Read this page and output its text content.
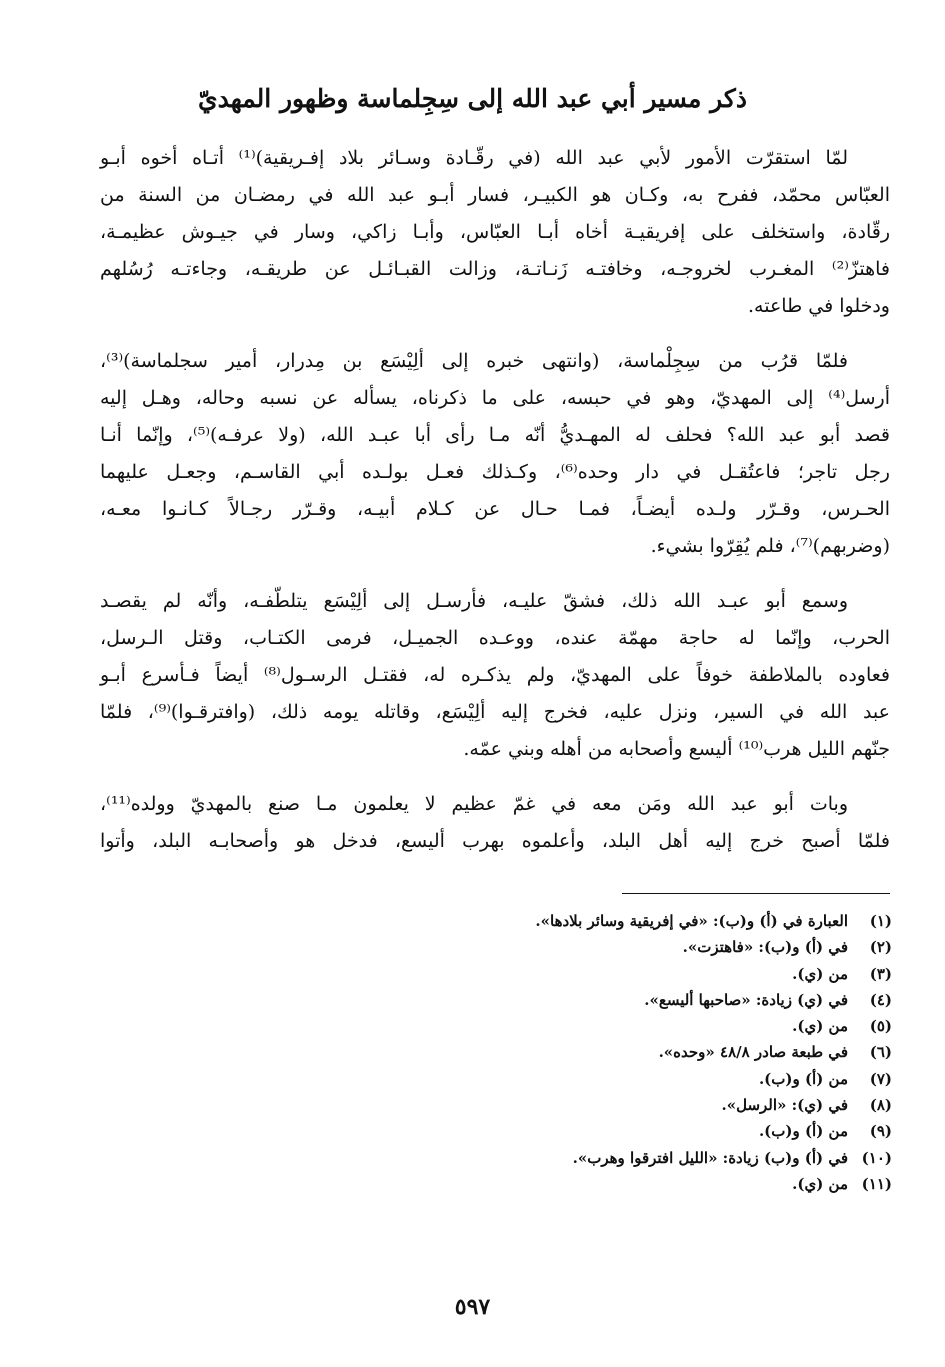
ذكر مسير أبي عبد الله إلى سِجِلماسة وظهور المهديّ
لمّا استقرّت الأمور لأبي عبد الله (في رقّـادة وسـائر بلاد إفـريقية)⁽¹⁾ أتـاه أخوه أبـو
العبّاس محمّد، ففرح به، وكـان هو الكبيـر، فسار أبـو عبد الله في رمضـان من السنة من
رقّادة، واستخلف على إفريقيـة أخاه أبـا العبّاس، وأبـا زاكي، وسار في جيـوش عظيمـة،
فاهتزّ⁽²⁾ المغـرب لخروجـه، وخافتـه زَنـاتـة، وزالت القبـائـل عن طريقـه، وجاءتـه رُسُلهم
ودخلوا في طاعته.
فلمّا قرُب من سِجِلْماسة، (وانتهى خبره إلى ألِيْسَع بن مِدرار، أمير سجلماسة)⁽³⁾،
أرسل⁽⁴⁾ إلى المهديّ، وهو في حبسه، على ما ذكرناه، يسأله عن نسبه وحاله، وهـل إليه
قصد أبو عبد الله؟ فحلف له المهـديُّ أنّه مـا رأى أبا عبـد الله، (ولا عرفـه)⁽⁵⁾، وإنّما أنـا
رجل تاجر؛ فاعتُقـل في دار وحده⁽⁶⁾، وكـذلك فعـل بولـده أبي القاسـم، وجعـل عليهما
الحـرس، وقـرّر ولـده أيضـاً، فمـا حـال عن كـلام أبيـه، وقـرّر رجـالاً كـانـوا معـه،
(وضربهم)⁽⁷⁾، فلم يُقِرّوا بشيء.
وسمع أبو عبـد الله ذلك، فشقّ عليـه، فأرسـل إلى ألِيْسَع يتلطّفـه، وأنّه لم يقصـد
الحرب، وإنّما له حاجة مهمّة عنده، ووعـده الجميـل، فرمى الكتـاب، وقتل الـرسل،
فعاوده بالملاطفة خوفاً على المهديّ، ولم يذكـره له، فقتـل الرسـول⁽⁸⁾ أيضاً فـأسرع أبـو
عبد الله في السير، ونزل عليه، فخرج إليه ألِيْسَع، وقاتله يومه ذلك، (وافترقـوا)⁽⁹⁾، فلمّا
جنّهم الليل هرب⁽¹⁰⁾ أليسع وأصحابه من أهله وبني عمّه.
وبات أبو عبد الله ومَن معه في غمّ عظيم لا يعلمون مـا صنع بالمهديّ وولده⁽¹¹⁾،
فلمّا أصبح خرج إليه أهل البلد، وأعلموه بهرب أليسع، فدخل هو وأصحابـه البلد، وأتوا
(١)
العبارة في (أ) و(ب): «في إفريقية وسائر بلادها».
(٢)
في (أ) و(ب): «فاهتزت».
(٣)
من (ي).
(٤)
في (ي) زيادة: «صاحبها أليسع».
(٥)
من (ي).
(٦)
في طبعة صادر ٤٨/٨ «وحده».
(٧)
من (أ) و(ب).
(٨)
في (ي): «الرسل».
(٩)
من (أ) و(ب).
(١٠)
في (أ) و(ب) زيادة: «الليل افترقوا وهرب».
(١١)
من (ي).
٥٩٧
